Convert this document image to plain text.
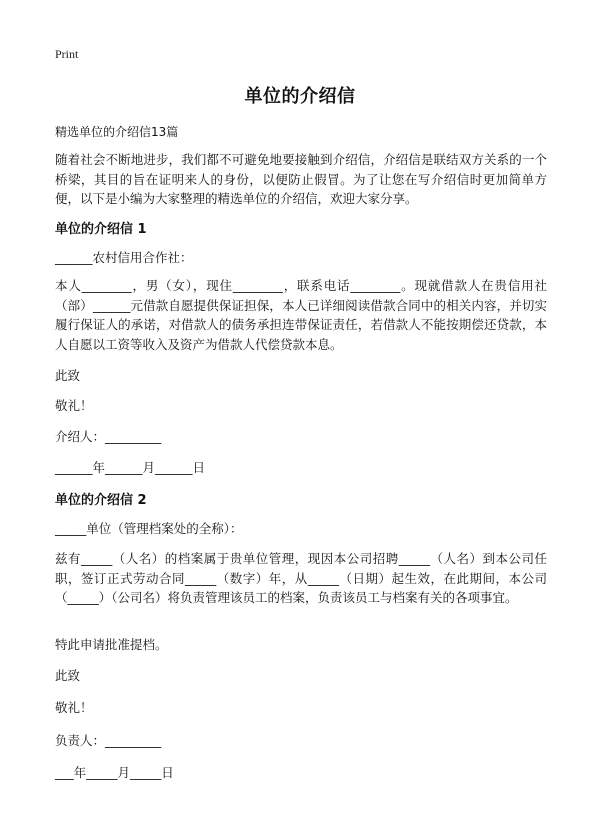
Print
单位的介绍信
精选单位的介绍信13篇
随着社会不断地进步，我们都不可避免地要接触到介绍信，介绍信是联结双方关系的一个桥梁，其目的旨在证明来人的身份，以便防止假冒。为了让您在写介绍信时更加简单方便，以下是小编为大家整理的精选单位的介绍信，欢迎大家分享。
单位的介绍信 1
______农村信用合作社：
本人________，男（女），现住________，联系电话________。现就借款人在贵信用社（部）______元借款自愿提供保证担保，本人已详细阅读借款合同中的相关内容，并切实履行保证人的承诺，对借款人的债务承担连带保证责任，若借款人不能按期偿还贷款，本人自愿以工资等收入及资产为借款人代偿贷款本息。
此致
敬礼！
介绍人：_________
______年______月______日
单位的介绍信 2
_____单位（管理档案处的全称）：
兹有_____（人名）的档案属于贵单位管理，现因本公司招聘_____（人名）到本公司任职，签订正式劳动合同_____（数字）年，从_____（日期）起生效，在此期间，本公司（_____）（公司名）将负责管理该员工的档案，负责该员工与档案有关的各项事宜。
特此申请批准提档。
此致
敬礼！
负责人：_________
___年_____月_____日
